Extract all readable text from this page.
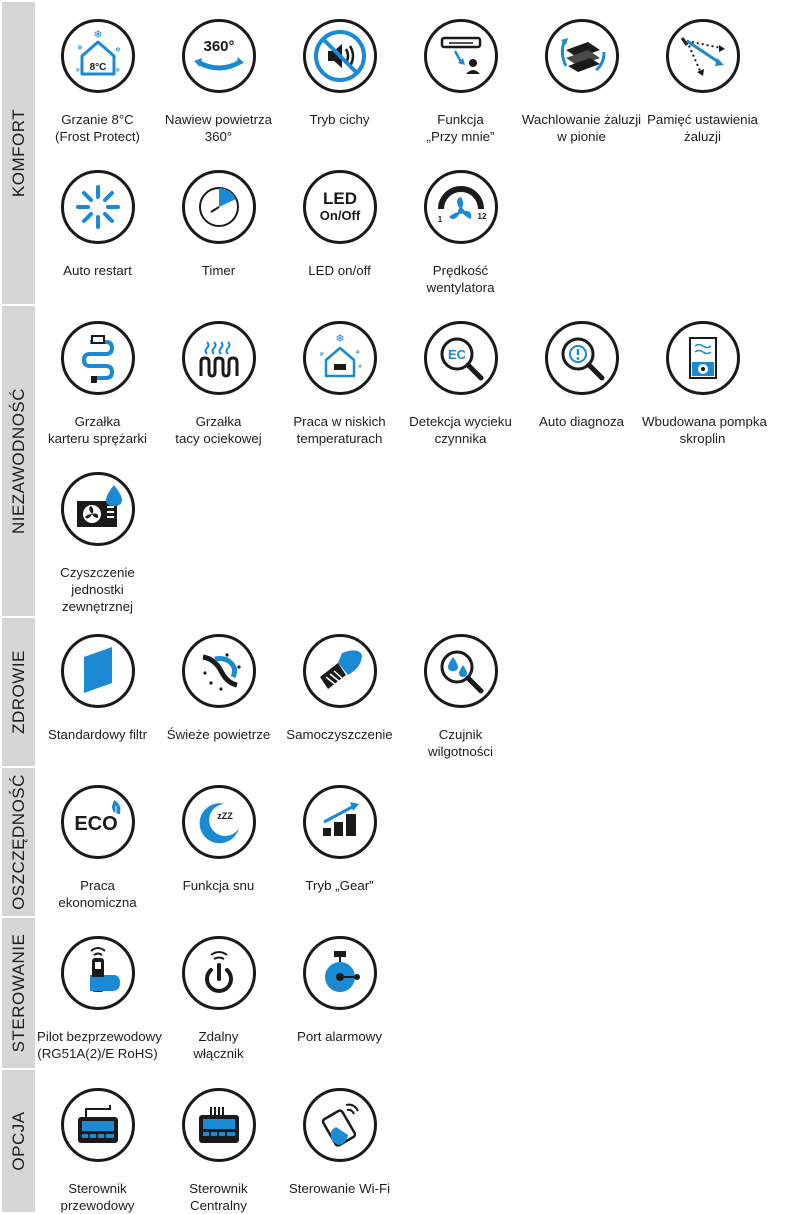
KOMFORT
NIEZAWODNOŚĆ
ZDROWIE
OSZCZĘDNOŚĆ
STEROWANIE
OPCJA
8°C
❄
❄	❄
❄
❄
Grzanie 8°C
(Frost Protect)
360°
Nawiew powietrza
360°
Tryb cichy	Funkcja
„Przy mnie”
Wachlowanie żaluzji
w pionie
Pamięć ustawienia
żaluzji
Auto restart	Timer
LED
On/Off
LED on/off
1	12
Prędkość
wentylatora
Grzałka
karteru sprężarki
Grzałka
tacy ociekowej
❄
❄	❄
❄
Praca w niskich
temperaturach
EC
Detekcja wycieku
czynnika
Auto diagnoza	Wbudowana pompka
skroplin
Czyszczenie
jednostki
zewnętrznej
Standardowy filtr	Świeże powietrze	Samoczyszczenie	Czujnik
wilgotności
ECO
Praca
ekonomiczna
zZZ
Funkcja snu	Tryb „Gear”
Pilot bezprzewodowy
(RG51A(2)/E RoHS)
Zdalny
włącznik
Port alarmowy
Sterownik
przewodowy
Sterownik
Centralny
Sterowanie Wi-Fi
